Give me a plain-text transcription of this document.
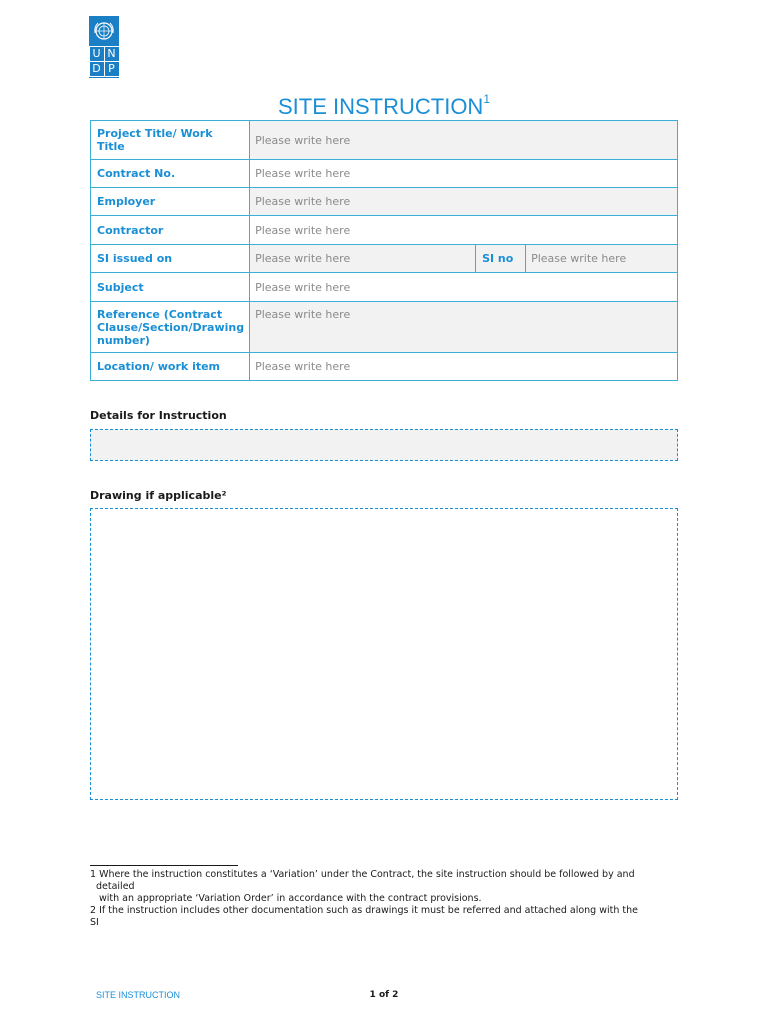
U N
D P
SITE INSTRUCTION$^1$
Project Title/ Work Title	Please write here		
Contract No.	Please write here		
Employer	Please write here		
Contractor	Please write here		
SI issued on	Please write here	SI no	Please write here
Subject	Please write here		
Reference (Contract Clause/Section/Drawing number)	Please write here		
Location/ work item	Please write here		
Details for Instruction
Drawing if applicable²

1 Where the instruction constitutes a ‘Variation’ under the Contract, the site instruction should be followed by and

detailed

with an appropriate ‘Variation Order’ in accordance with the contract provisions.

2 If the instruction includes other documentation such as drawings it must be referred and attached along with the

SI

SITE INSTRUCTION	1 of 2
